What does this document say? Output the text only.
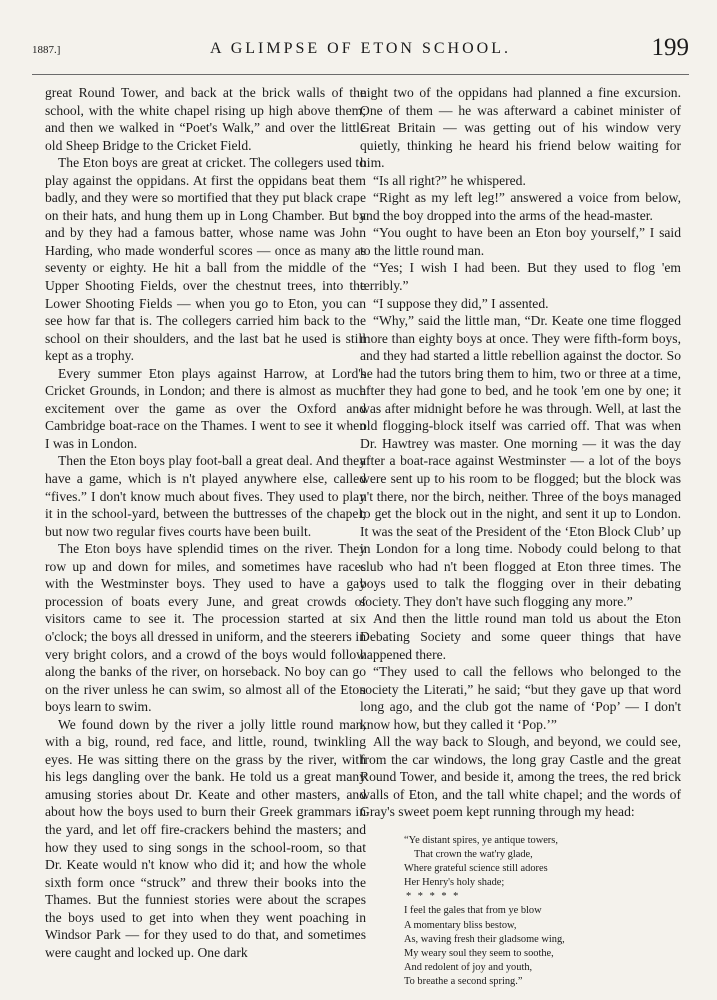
1887.]	A GLIMPSE OF ETON SCHOOL.	199

great Round Tower, and back at the brick walls of the school, with the white chapel rising up high above them; and then we walked in “Poet's Walk,” and over the little old Sheep Bridge to the Cricket Field.

The Eton boys are great at cricket. The collegers used to play against the oppidans. At first the oppidans beat them badly, and they were so mortified that they put black crape on their hats, and hung them up in Long Chamber. But by and by they had a famous batter, whose name was John Harding, who made wonderful scores — once as many as seventy or eighty. He hit a ball from the middle of the Upper Shooting Fields, over the chestnut trees, into the Lower Shooting Fields — when you go to Eton, you can see how far that is. The collegers carried him back to the school on their shoulders, and the last bat he used is still kept as a trophy.

Every summer Eton plays against Harrow, at Lord's Cricket Grounds, in London; and there is almost as much excitement over the game as over the Oxford and Cambridge boat-race on the Thames. I went to see it when I was in London.

Then the Eton boys play foot-ball a great deal. And they have a game, which is n't played anywhere else, called “fives.” I don't know much about fives. They used to play it in the school-yard, between the buttresses of the chapel; but now two regular fives courts have been built.

The Eton boys have splendid times on the river. They row up and down for miles, and sometimes have races with the Westminster boys. They used to have a gay procession of boats every June, and great crowds of visitors came to see it. The procession started at six o'clock; the boys all dressed in uniform, and the steerers in very bright colors, and a crowd of the boys would follow along the banks of the river, on horseback. No boy can go on the river unless he can swim, so almost all of the Eton boys learn to swim.

We found down by the river a jolly little round man, with a big, round, red face, and little, round, twinkling eyes. He was sitting there on the grass by the river, with his legs dangling over the bank. He told us a great many amusing stories about Dr. Keate and other masters, and about how the boys used to burn their Greek grammars in the yard, and let off fire-crackers behind the masters; and how they used to sing songs in the school-room, so that Dr. Keate would n't know who did it; and how the whole sixth form once “struck” and threw their books into the Thames. But the funniest stories were about the scrapes the boys used to get into when they went poaching in Windsor Park — for they used to do that, and sometimes were caught and locked up. One dark

night two of the oppidans had planned a fine excursion. One of them — he was afterward a cabinet minister of Great Britain — was getting out of his window very quietly, thinking he heard his friend below waiting for him.

“Is all right?” he whispered.

“Right as my left leg!” answered a voice from below, and the boy dropped into the arms of the head-master.

“You ought to have been an Eton boy yourself,” I said to the little round man.

“Yes; I wish I had been. But they used to flog 'em terribly.”

“I suppose they did,” I assented.

“Why,” said the little man, “Dr. Keate one time flogged more than eighty boys at once. They were fifth-form boys, and they had started a little rebellion against the doctor. So he had the tutors bring them to him, two or three at a time, after they had gone to bed, and he took 'em one by one; it was after midnight before he was through. Well, at last the old flogging-block itself was carried off. That was when Dr. Hawtrey was master. One morning — it was the day after a boat-race against Westminster — a lot of the boys were sent up to his room to be flogged; but the block was n't there, nor the birch, neither. Three of the boys managed to get the block out in the night, and sent it up to London. It was the seat of the President of the ‘Eton Block Club’ up in London for a long time. Nobody could belong to that club who had n't been flogged at Eton three times. The boys used to talk the flogging over in their debating society. They don't have such flogging any more.”

And then the little round man told us about the Eton Debating Society and some queer things that have happened there.

“They used to call the fellows who belonged to the society the Literati,” he said; “but they gave up that word long ago, and the club got the name of ‘Pop’ — I don't know how, but they called it ‘Pop.’”

All the way back to Slough, and beyond, we could see, from the car windows, the long gray Castle and the great Round Tower, and beside it, among the trees, the red brick walls of Eton, and the tall white chapel; and the words of Gray's sweet poem kept running through my head:

“Ye distant spires, ye antique towers,
That crown the wat'ry glade,
Where grateful science still adores
Her Henry's holy shade;
* * * * *
I feel the gales that from ye blow
A momentary bliss bestow,
As, waving fresh their gladsome wing,
My weary soul they seem to soothe,
And redolent of joy and youth,
To breathe a second spring.”
